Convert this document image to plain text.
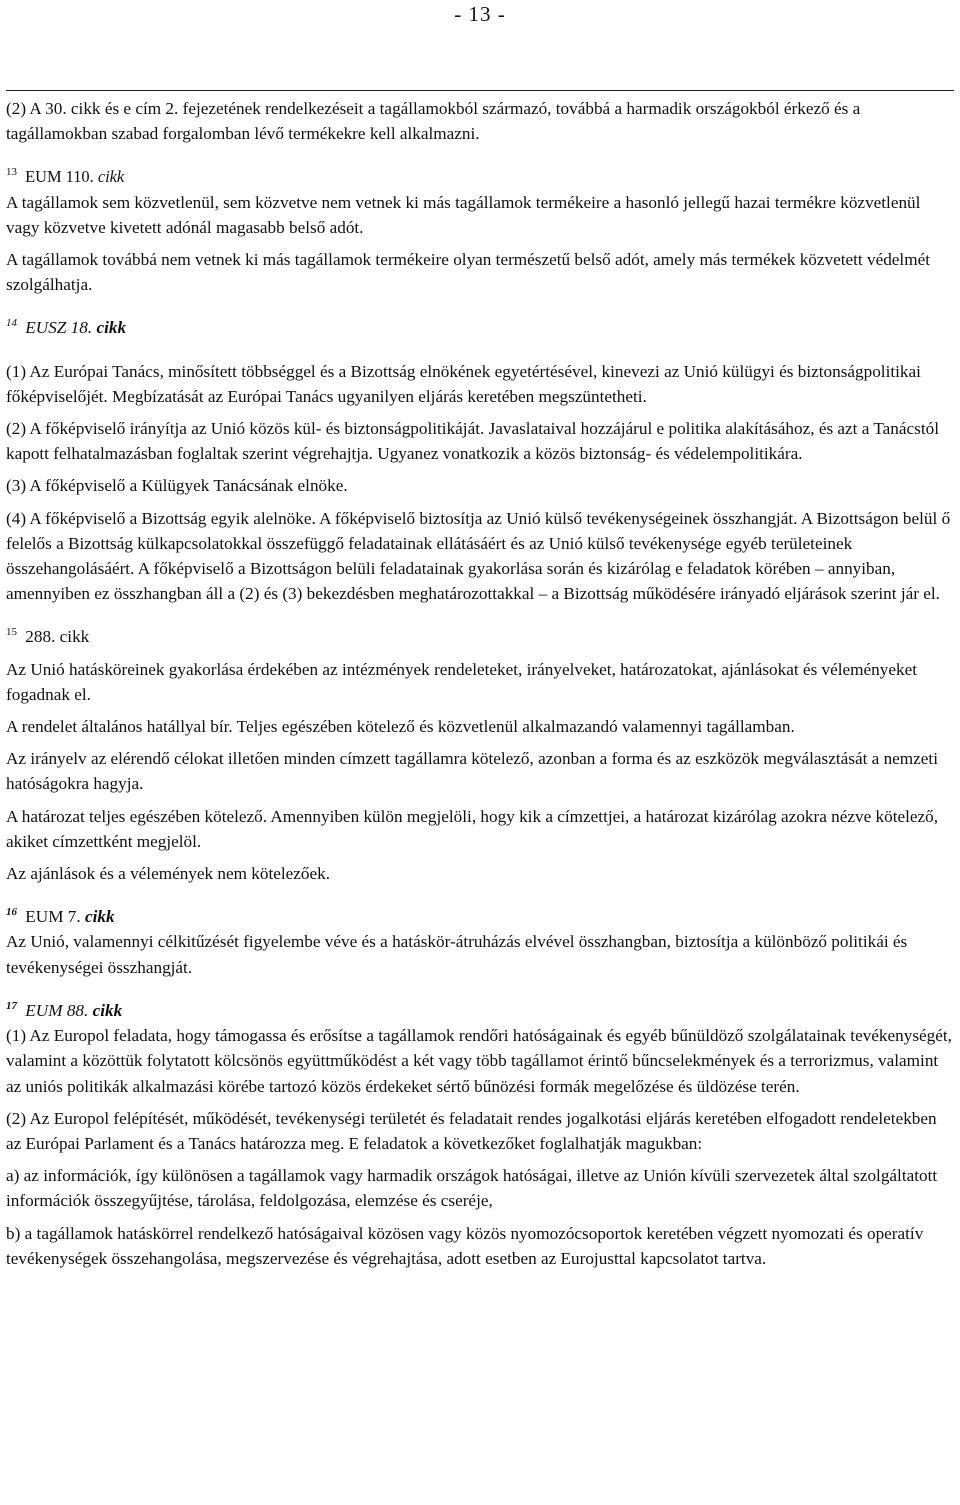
- 13 -

(2) A 30. cikk és e cím 2. fejezetének rendelkezéseit a tagállamokból származó, továbbá a harmadik országokból érkező és a tagállamokban szabad forgalomban lévő termékekre kell alkalmazni.

$^{13}$ EUM 110. cikk

A tagállamok sem közvetlenül, sem közvetve nem vetnek ki más tagállamok termékeire a hasonló jellegű hazai termékre közvetlenül vagy közvetve kivetett adónál magasabb belső adót.

A tagállamok továbbá nem vetnek ki más tagállamok termékeire olyan természetű belső adót, amely más termékek közvetett védelmét szolgálhatja.

$^{14}$ EUSZ 18. cikk

(1) Az Európai Tanács, minősített többséggel és a Bizottság elnökének egyetértésével, kinevezi az Unió külügyi és biztonságpolitikai főképviselőjét. Megbízatását az Európai Tanács ugyanilyen eljárás keretében megszüntetheti.

(2) A főképviselő irányítja az Unió közös kül- és biztonságpolitikáját. Javaslataival hozzájárul e politika alakításához, és azt a Tanácstól kapott felhatalmazásban foglaltak szerint végrehajtja. Ugyanez vonatkozik a közös biztonság- és védelempolitikára.

(3) A főképviselő a Külügyek Tanácsának elnöke.

(4) A főképviselő a Bizottság egyik alelnöke. A főképviselő biztosítja az Unió külső tevékenységeinek összhangját. A Bizottságon belül ő felelős a Bizottság külkapcsolatokkal összefüggő feladatainak ellátásáért és az Unió külső tevékenysége egyéb területeinek összehangolásáért. A főképviselő a Bizottságon belüli feladatainak gyakorlása során és kizárólag e feladatok körében – annyiban, amennyiben ez összhangban áll a (2) és (3) bekezdésben meghatározottakkal – a Bizottság működésére irányadó eljárások szerint jár el.

$^{15}$ 288. cikk

Az Unió hatásköreinek gyakorlása érdekében az intézmények rendeleteket, irányelveket, határozatokat, ajánlásokat és véleményeket fogadnak el.

A rendelet általános hatállyal bír. Teljes egészében kötelező és közvetlenül alkalmazandó valamennyi tagállamban.

Az irányelv az elérendő célokat illetően minden címzett tagállamra kötelező, azonban a forma és az eszközök megválasztását a nemzeti hatóságokra hagyja.

A határozat teljes egészében kötelező. Amennyiben külön megjelöli, hogy kik a címzettjei, a határozat kizárólag azokra nézve kötelező, akiket címzettként megjelöl.

Az ajánlások és a vélemények nem kötelezőek.

$^{16}$ EUM 7. cikk

Az Unió, valamennyi célkitűzését figyelembe véve és a hatáskör-átruházás elvével összhangban, biztosítja a különböző politikái és tevékenységei összhangját.

$^{17}$ EUM 88. cikk

(1) Az Europol feladata, hogy támogassa és erősítse a tagállamok rendőri hatóságainak és egyéb bűnüldöző szolgálatainak tevékenységét, valamint a közöttük folytatott kölcsönös együttműködést a két vagy több tagállamot érintő bűncselekmények és a terrorizmus, valamint az uniós politikák alkalmazási körébe tartozó közös érdekeket sértő bűnözési formák megelőzése és üldözése terén.

(2) Az Europol felépítését, működését, tevékenységi területét és feladatait rendes jogalkotási eljárás keretében elfogadott rendeletekben az Európai Parlament és a Tanács határozza meg. E feladatok a következőket foglalhatják magukban:

a) az információk, így különösen a tagállamok vagy harmadik országok hatóságai, illetve az Unión kívüli szervezetek által szolgáltatott információk összegyűjtése, tárolása, feldolgozása, elemzése és cseréje,

b) a tagállamok hatáskörrel rendelkező hatóságaival közösen vagy közös nyomozócsoportok keretében végzett nyomozati és operatív tevékenységek összehangolása, megszervezése és végrehajtása, adott esetben az Eurojusttal kapcsolatot tartva.
